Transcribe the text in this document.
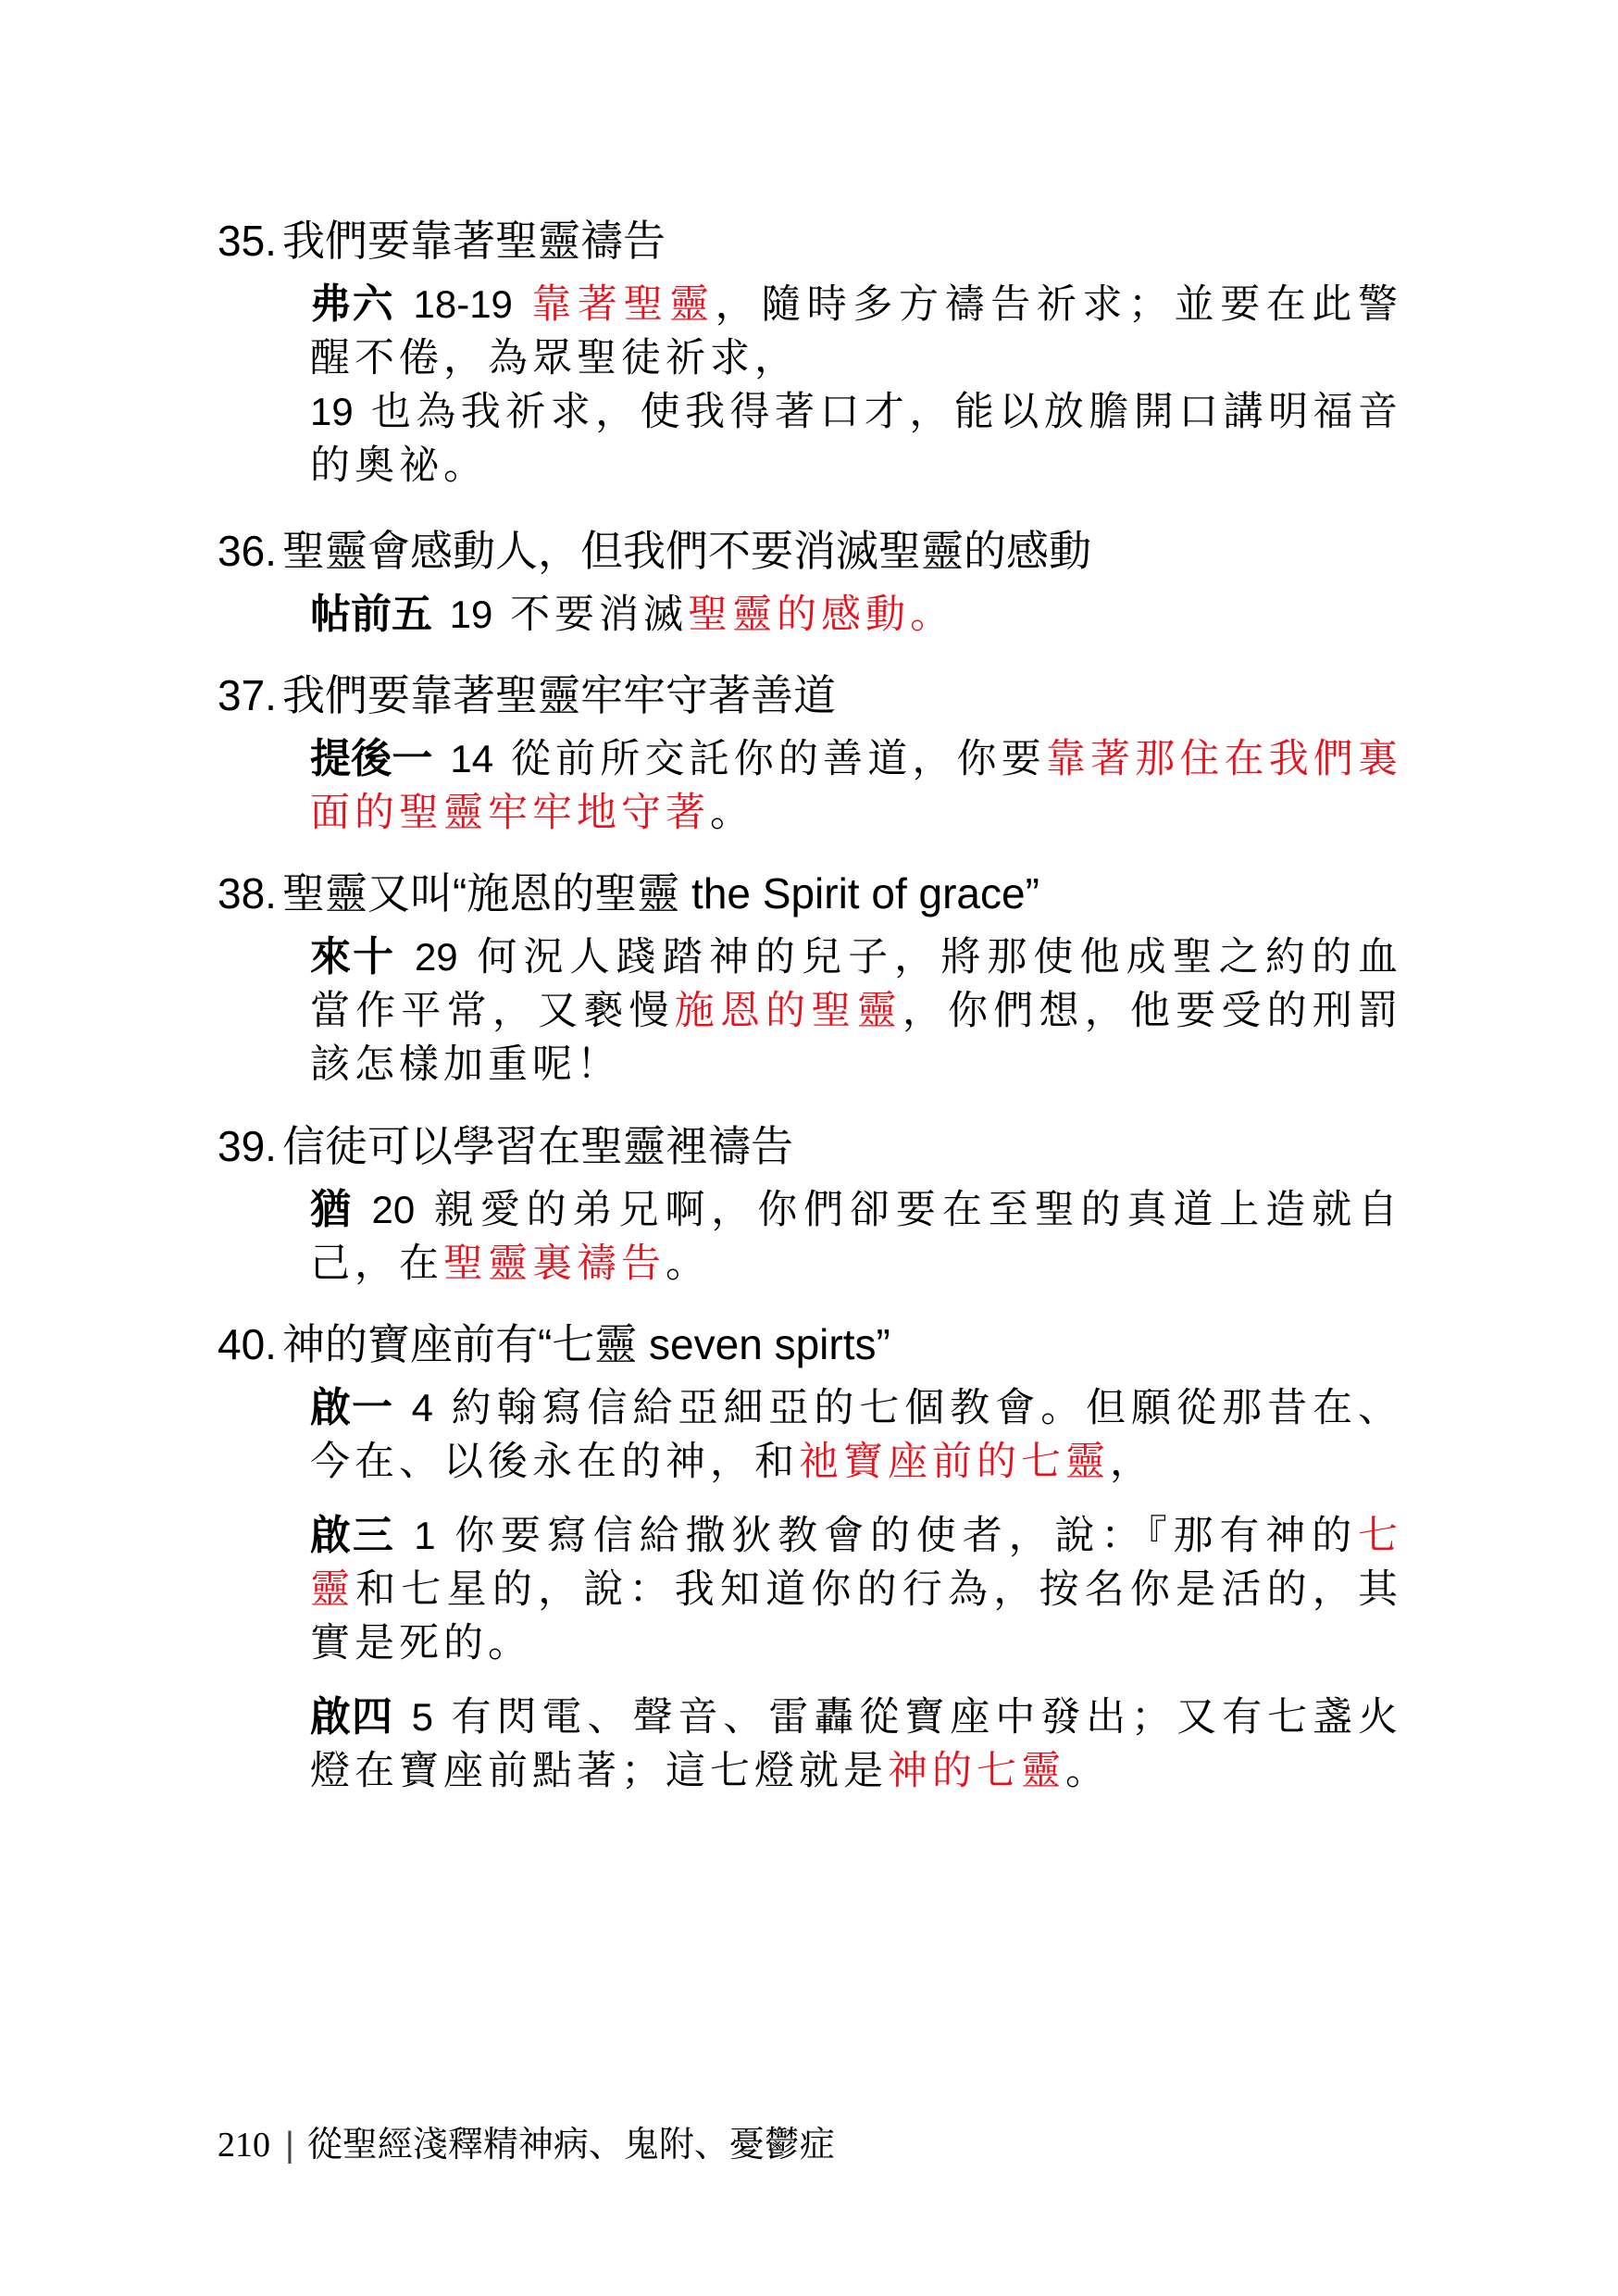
35. 我們要靠著聖靈禱告
弗六 18-19 靠著聖靈，隨時多方禱告祈求；並要在此警醒不倦，為眾聖徒祈求，
19 也為我祈求，使我得著口才，能以放膽開口講明福音的奧祕。
36. 聖靈會感動人，但我們不要消滅聖靈的感動
帖前五 19 不要消滅聖靈的感動。
37. 我們要靠著聖靈牢牢守著善道
提後一 14 從前所交託你的善道，你要靠著那住在我們裏面的聖靈牢牢地守著。
38. 聖靈又叫“施恩的聖靈 the Spirit of grace”
來十 29 何況人踐踏神的兒子，將那使他成聖之約的血當作平常，又褻慢施恩的聖靈，你們想，他要受的刑罰該怎樣加重呢！
39. 信徒可以學習在聖靈裡禱告
猶 20 親愛的弟兄啊，你們卻要在至聖的真道上造就自己，在聖靈裏禱告。
40. 神的寶座前有“七靈 seven spirts”
啟一 4 約翰寫信給亞細亞的七個教會。但願從那昔在、今在、以後永在的神，和祂寶座前的七靈，
啟三 1 你要寫信給撒狄教會的使者，說：『那有神的七靈和七星的，說：我知道你的行為，按名你是活的，其實是死的。
啟四 5 有閃電、聲音、雷轟從寶座中發出；又有七盞火燈在寶座前點著；這七燈就是神的七靈。
210 | 從聖經淺釋精神病、鬼附、憂鬱症
